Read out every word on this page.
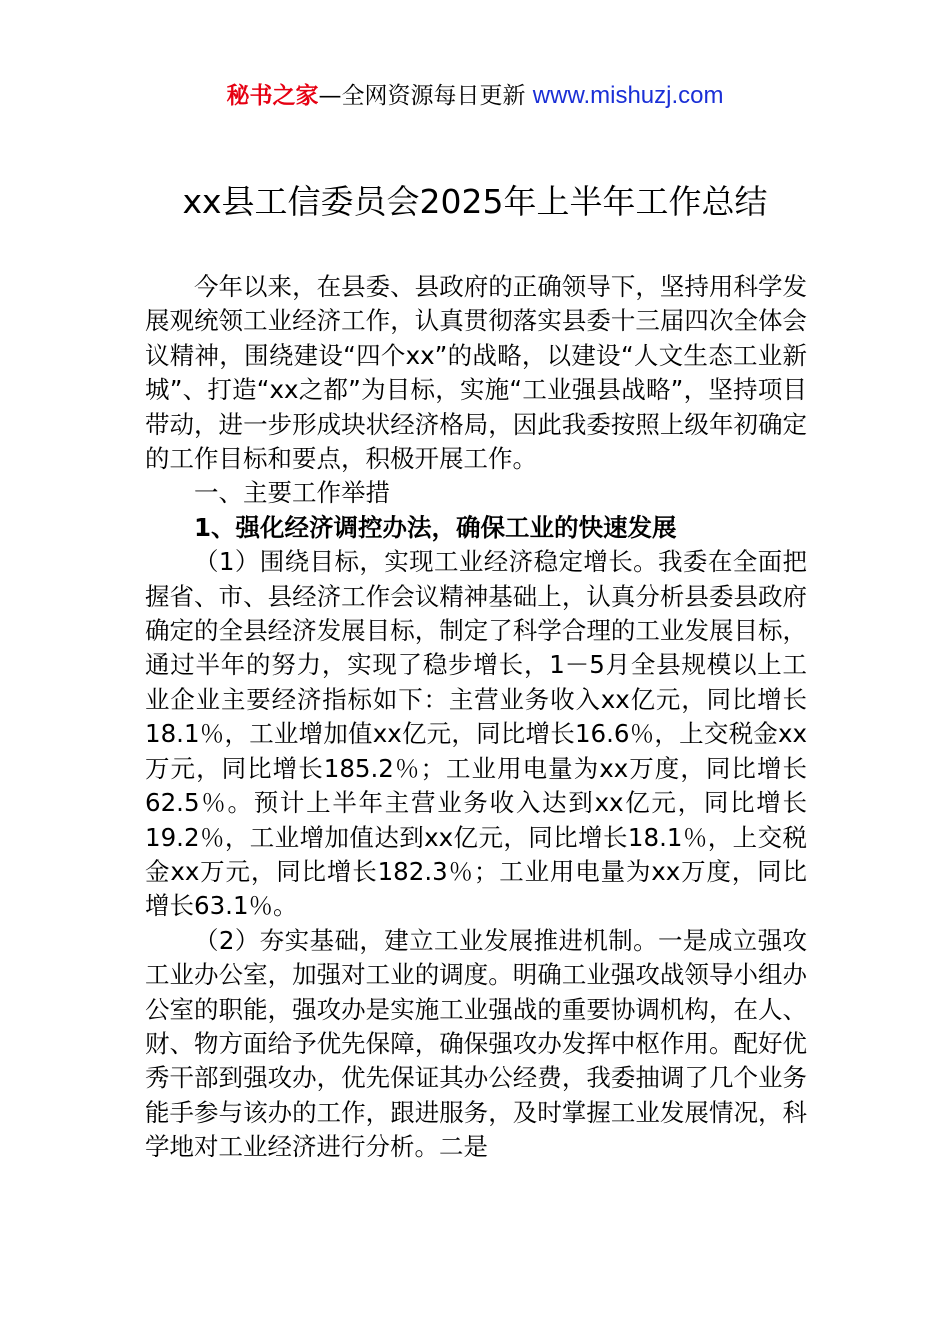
秘书之家—全网资源每日更新 www.mishuzj.com
xx县工信委员会2025年上半年工作总结

今年以来，在县委、县政府的正确领导下，坚持用科学发展观统领工业经济工作，认真贯彻落实县委十三届四次全体会议精神，围绕建设“四个xx”的战略，以建设“人文生态工业新城”、打造“xx之都”为目标，实施“工业强县战略”，坚持项目带动，进一步形成块状经济格局，因此我委按照上级年初确定的工作目标和要点，积极开展工作。

一、主要工作举措

1、强化经济调控办法，确保工业的快速发展

（1）围绕目标，实现工业经济稳定增长。我委在全面把握省、市、县经济工作会议精神基础上，认真分析县委县政府确定的全县经济发展目标，制定了科学合理的工业发展目标，通过半年的努力，实现了稳步增长，1－5月全县规模以上工业企业主要经济指标如下：主营业务收入xx亿元，同比增长18.1％，工业增加值xx亿元，同比增长16.6％，上交税金xx万元，同比增长185.2％；工业用电量为xx万度，同比增长62.5％。预计上半年主营业务收入达到xx亿元，同比增长19.2％，工业增加值达到xx亿元，同比增长18.1％，上交税金xx万元，同比增长182.3％；工业用电量为xx万度，同比增长63.1％。

（2）夯实基础，建立工业发展推进机制。一是成立强攻工业办公室，加强对工业的调度。明确工业强攻战领导小组办公室的职能，强攻办是实施工业强战的重要协调机构，在人、财、物方面给予优先保障，确保强攻办发挥中枢作用。配好优秀干部到强攻办，优先保证其办公经费，我委抽调了几个业务能手参与该办的工作，跟进服务，及时掌握工业发展情况，科学地对工业经济进行分析。二是
